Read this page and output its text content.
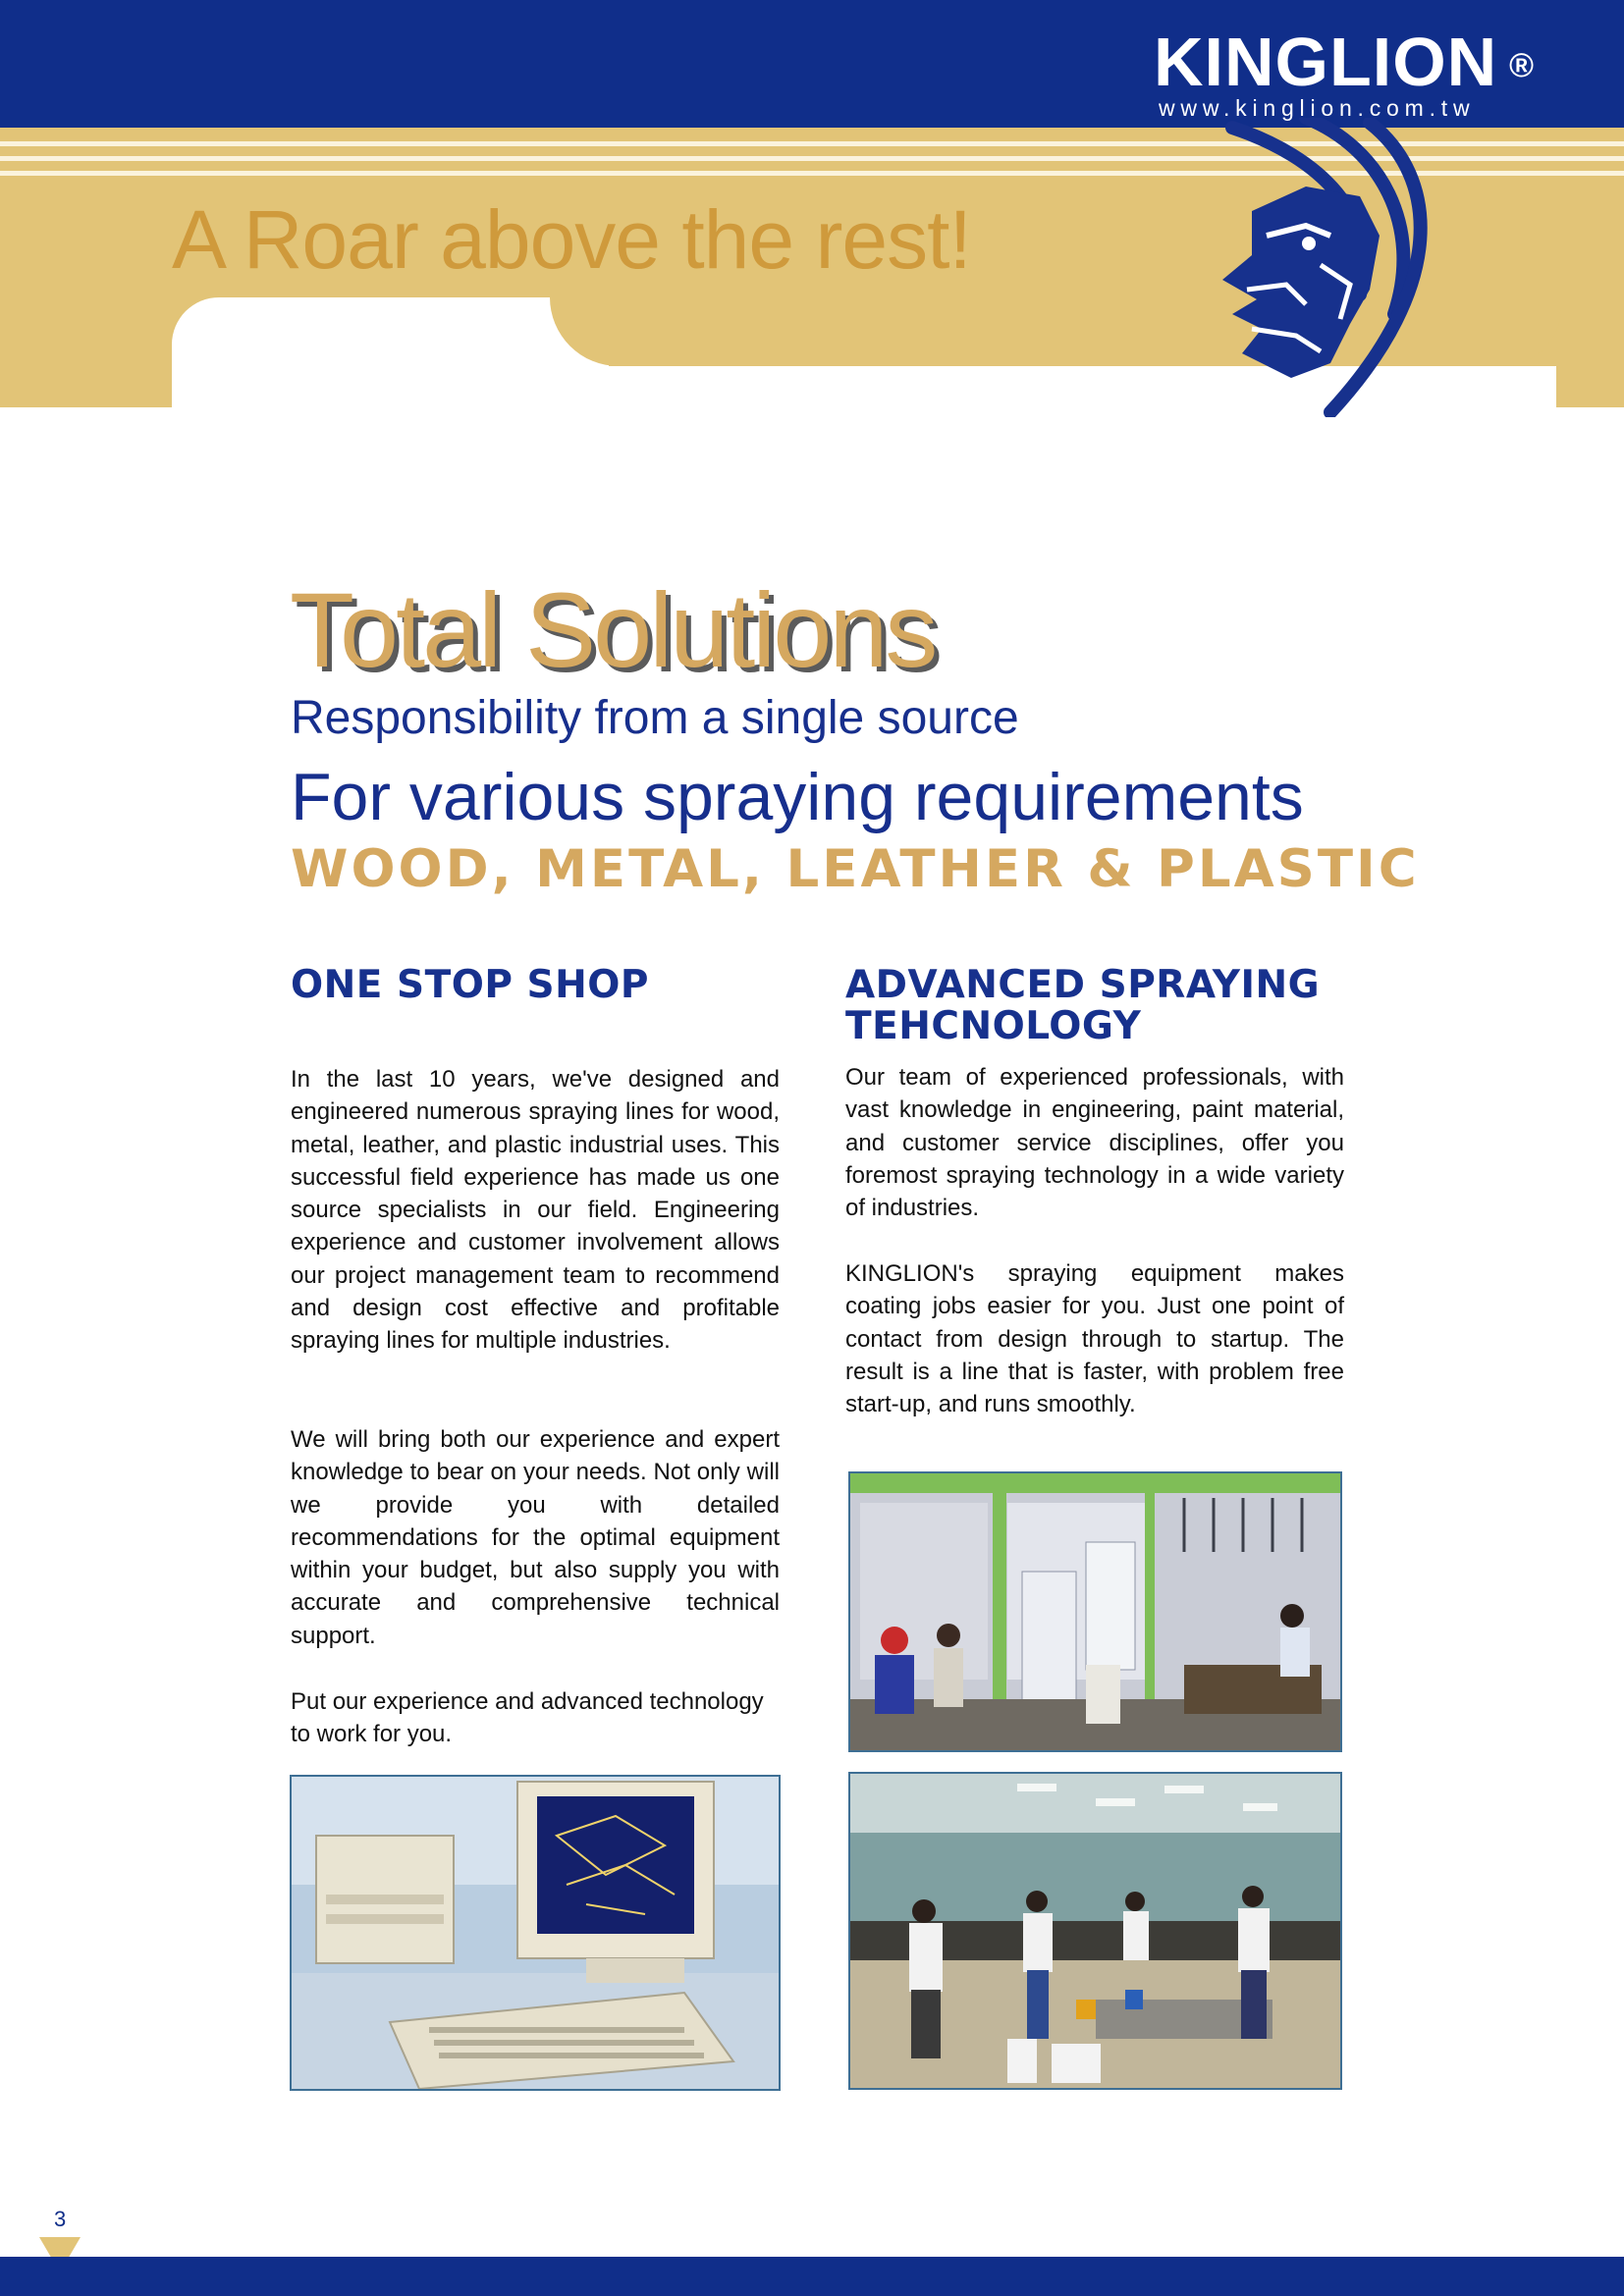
A Roar above the rest!
KINGLION ®
www.kinglion.com.tw
Total Solutions
Responsibility from a single source
For various spraying requirements
WOOD, METAL, LEATHER & PLASTIC
ONE STOP SHOP

In the last 10 years, we've designed and engineered numerous spraying lines for wood, metal, leather, and plastic industrial uses. This successful field experience has made us one source specialists in our field. Engineering experience and customer involvement allows our project management team to recommend and design cost effective and profitable spraying lines for multiple industries.

We will bring both our experience and expert knowledge to bear on your needs. Not only will we provide you with detailed recommendations for the optimal equipment within your budget, but also supply you with accurate and comprehensive technical support.

Put our experience and advanced technology to work for you.

ADVANCED SPRAYING
TEHCNOLOGY

Our team of experienced professionals, with vast knowledge in engineering, paint material, and customer service disciplines, offer you foremost spraying technology in a wide variety of industries.

KINGLION's spraying equipment makes coating jobs easier for you. Just one point of contact from design through to startup. The result is a line that is faster, with problem free start-up, and runs smoothly.

3
